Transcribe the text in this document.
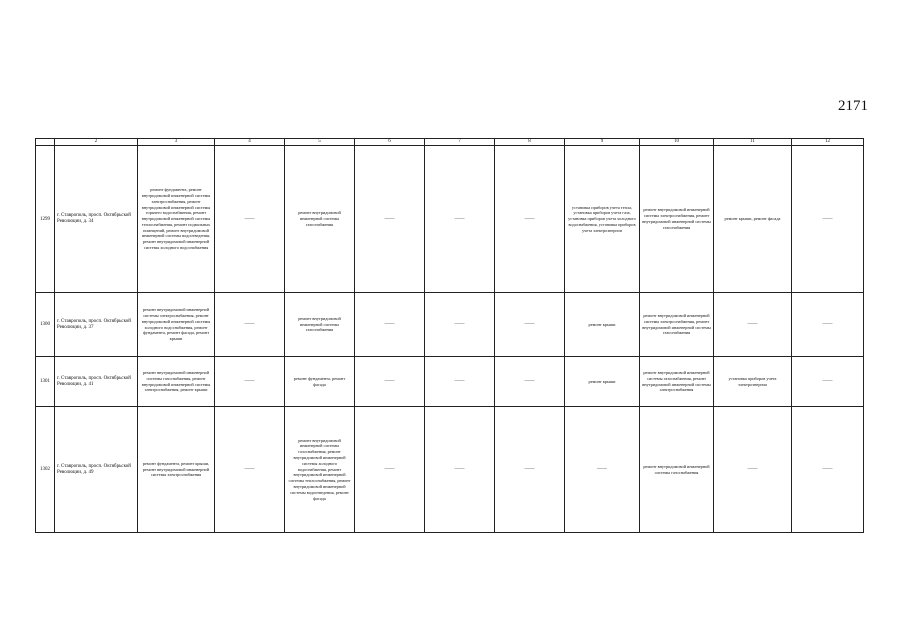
2171
	2	3	4	5	6	7	8	9	10	11	12
1299	г. Ставрополь, просп. Октябрьской Революции, д. 34	ремонт фундамента, ремонт внутридомовой инженерной системы электроснабжения, ремонт внутридомовой инженерной системы горячего водоснабжения, ремонт внутридомовой инженерной системы теплоснабжения, ремонт подвальных помещений, ремонт внутридомовой инженерной системы водоотведения, ремонт внутридомовой инженерной системы холодного водоснабжения	——	ремонт внутридомовой инженерной системы газоснабжения	——	——	——	установка приборов учета тепла, установка приборов учета газа, установка приборов учета холодного водоснабжения, установка приборов учета электроэнергии	ремонт внутридомовой инженерной системы электроснабжения, ремонт внутридомовой инженерной системы газоснабжения	ремонт крыши, ремонт фасада	——
1300	г. Ставрополь, просп. Октябрьской Революции, д. 37	ремонт внутридомовой инженерной системы электроснабжения, ремонт внутридомовой инженерной системы холодного водоснабжения, ремонт фундамента, ремонт фасада, ремонт крыши	——	ремонт внутридомовой инженерной системы газоснабжения	——	——	——	ремонт крыши	ремонт внутридомовой инженерной системы электроснабжения, ремонт внутридомовой инженерной системы газоснабжения	——	——
1301	г. Ставрополь, просп. Октябрьской Революции, д. 41	ремонт внутридомовой инженерной системы газоснабжения, ремонт внутридомовой инженерной системы электроснабжения, ремонт крыши	——	ремонт фундамента, ремонт фасада	——	——	——	ремонт крыши	ремонт внутридомовой инженерной системы газоснабжения, ремонт внутридомовой инженерной системы электроснабжения	установка приборов учета электроэнергии	——
1302	г. Ставрополь, просп. Октябрьской Революции, д. 49	ремонт фундамента, ремонт крыши, ремонт внутридомовой инженерной системы электроснабжения	——	ремонт внутридомовой инженерной системы газоснабжения, ремонт внутридомовой инженерной системы холодного водоснабжения, ремонт внутридомовой инженерной системы теплоснабжения, ремонт внутридомовой инженерной системы водоотведения, ремонт фасада	——	——	——	——	ремонт внутридомовой инженерной системы газоснабжения	——	——
